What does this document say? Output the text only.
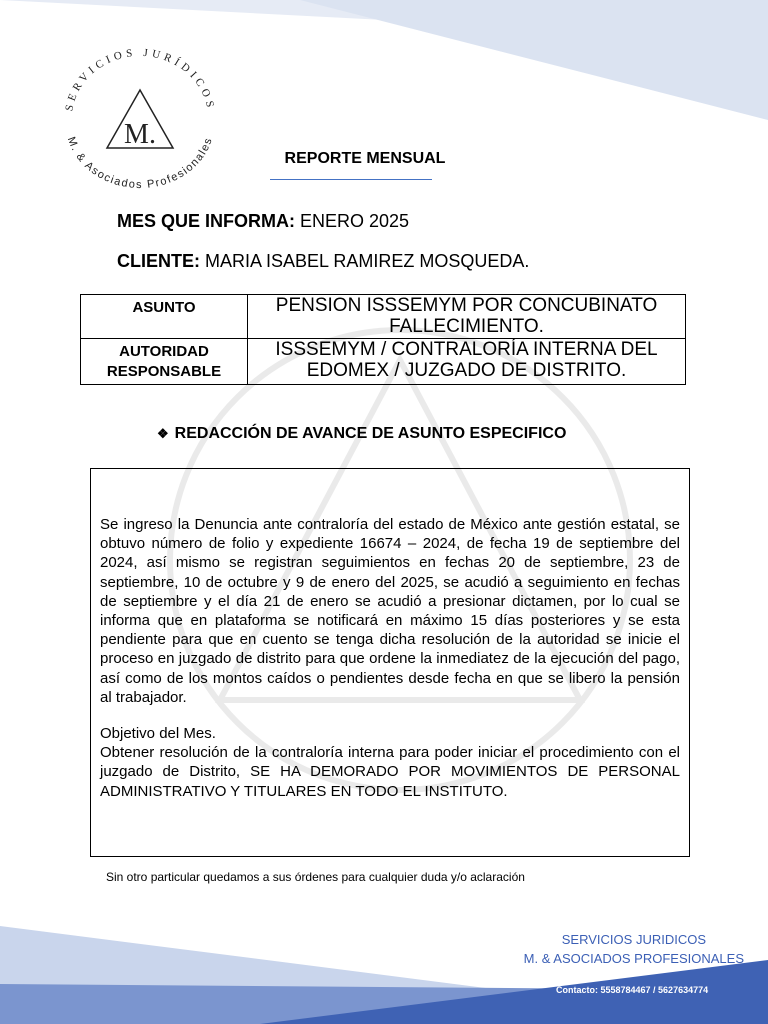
SERVICIOS JURÍDICOS
M. & Asociados Profesionales
M.
REPORTE MENSUAL
MES QUE INFORMA: ENERO 2025
CLIENTE: MARIA ISABEL RAMIREZ MOSQUEDA.
ASUNTO	PENSION ISSSEMYM POR CONCUBINATO FALLECIMIENTO.
AUTORIDAD RESPONSABLE	ISSSEMYM / CONTRALORÍA INTERNA DEL EDOMEX / JUZGADO DE DISTRITO.
❖ REDACCIÓN DE AVANCE DE ASUNTO ESPECIFICO

Se ingreso la Denuncia ante contraloría del estado de México ante gestión estatal, se obtuvo número de folio y expediente 16674 – 2024, de fecha 19 de septiembre del 2024, así mismo se registran seguimientos en fechas 20 de septiembre, 23 de septiembre, 10 de octubre y 9 de enero del 2025, se acudió a seguimiento en fechas de septiembre y el día 21 de enero se acudió a presionar dictamen, por lo cual se informa que en plataforma se notificará en máximo 15 días posteriores y se esta pendiente para que en cuento se tenga dicha resolución de la autoridad se inicie el proceso en juzgado de distrito para que ordene la inmediatez de la ejecución del pago, así como de los montos caídos o pendientes desde fecha en que se libero la pensión al trabajador.

Objetivo del Mes.

Obtener resolución de la contraloría interna para poder iniciar el procedimiento con el juzgado de Distrito, SE HA DEMORADO POR MOVIMIENTOS DE PERSONAL ADMINISTRATIVO Y TITULARES EN TODO EL INSTITUTO.

Sin otro particular quedamos a sus órdenes para cualquier duda y/o aclaración
SERVICIOS JURIDICOS
M. & ASOCIADOS PROFESIONALES
Contacto: 5558784467 / 5627634774
